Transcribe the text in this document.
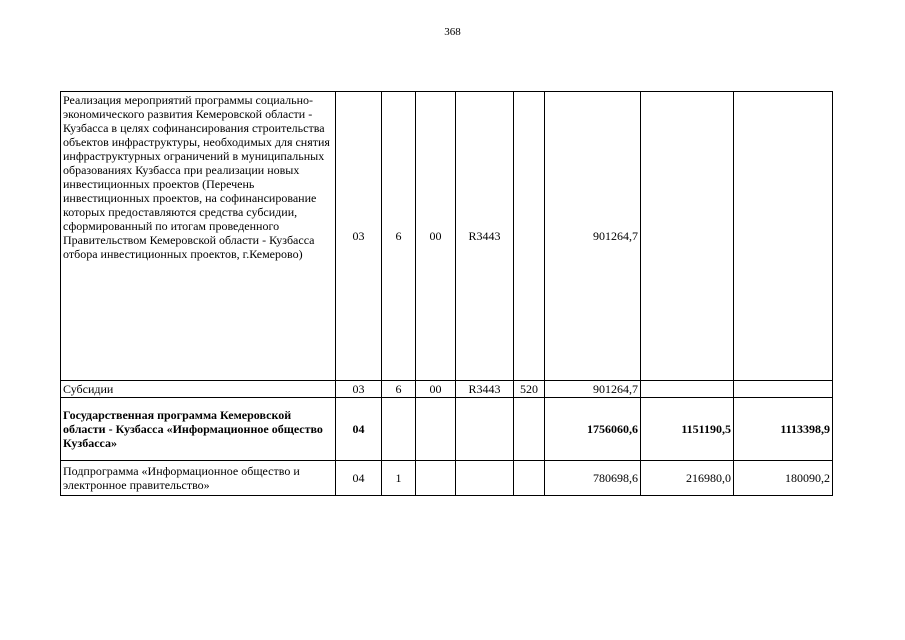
368
Реализация мероприятий программы социально-экономического развития Кемеровской области - Кузбасса в целях софинансирования строительства объектов инфраструктуры, необходимых для снятия инфраструктурных ограничений в муниципальных образованиях Кузбасса при реализации новых инвестиционных проектов (Перечень инвестиционных проектов, на софинансирование которых предоставляются средства субсидии, сформированный по итогам проведенного Правительством Кемеровской области - Кузбасса отбора инвестиционных проектов, г.Кемерово)	03	6	00	R3443		901264,7		
Субсидии	03	6	00	R3443	520	901264,7		
Государственная программа Кемеровской области - Кузбасса «Информационное общество Кузбасса»	04					1756060,6	1151190,5	1113398,9
Подпрограмма «Информационное общество и электронное правительство»	04	1				780698,6	216980,0	180090,2
